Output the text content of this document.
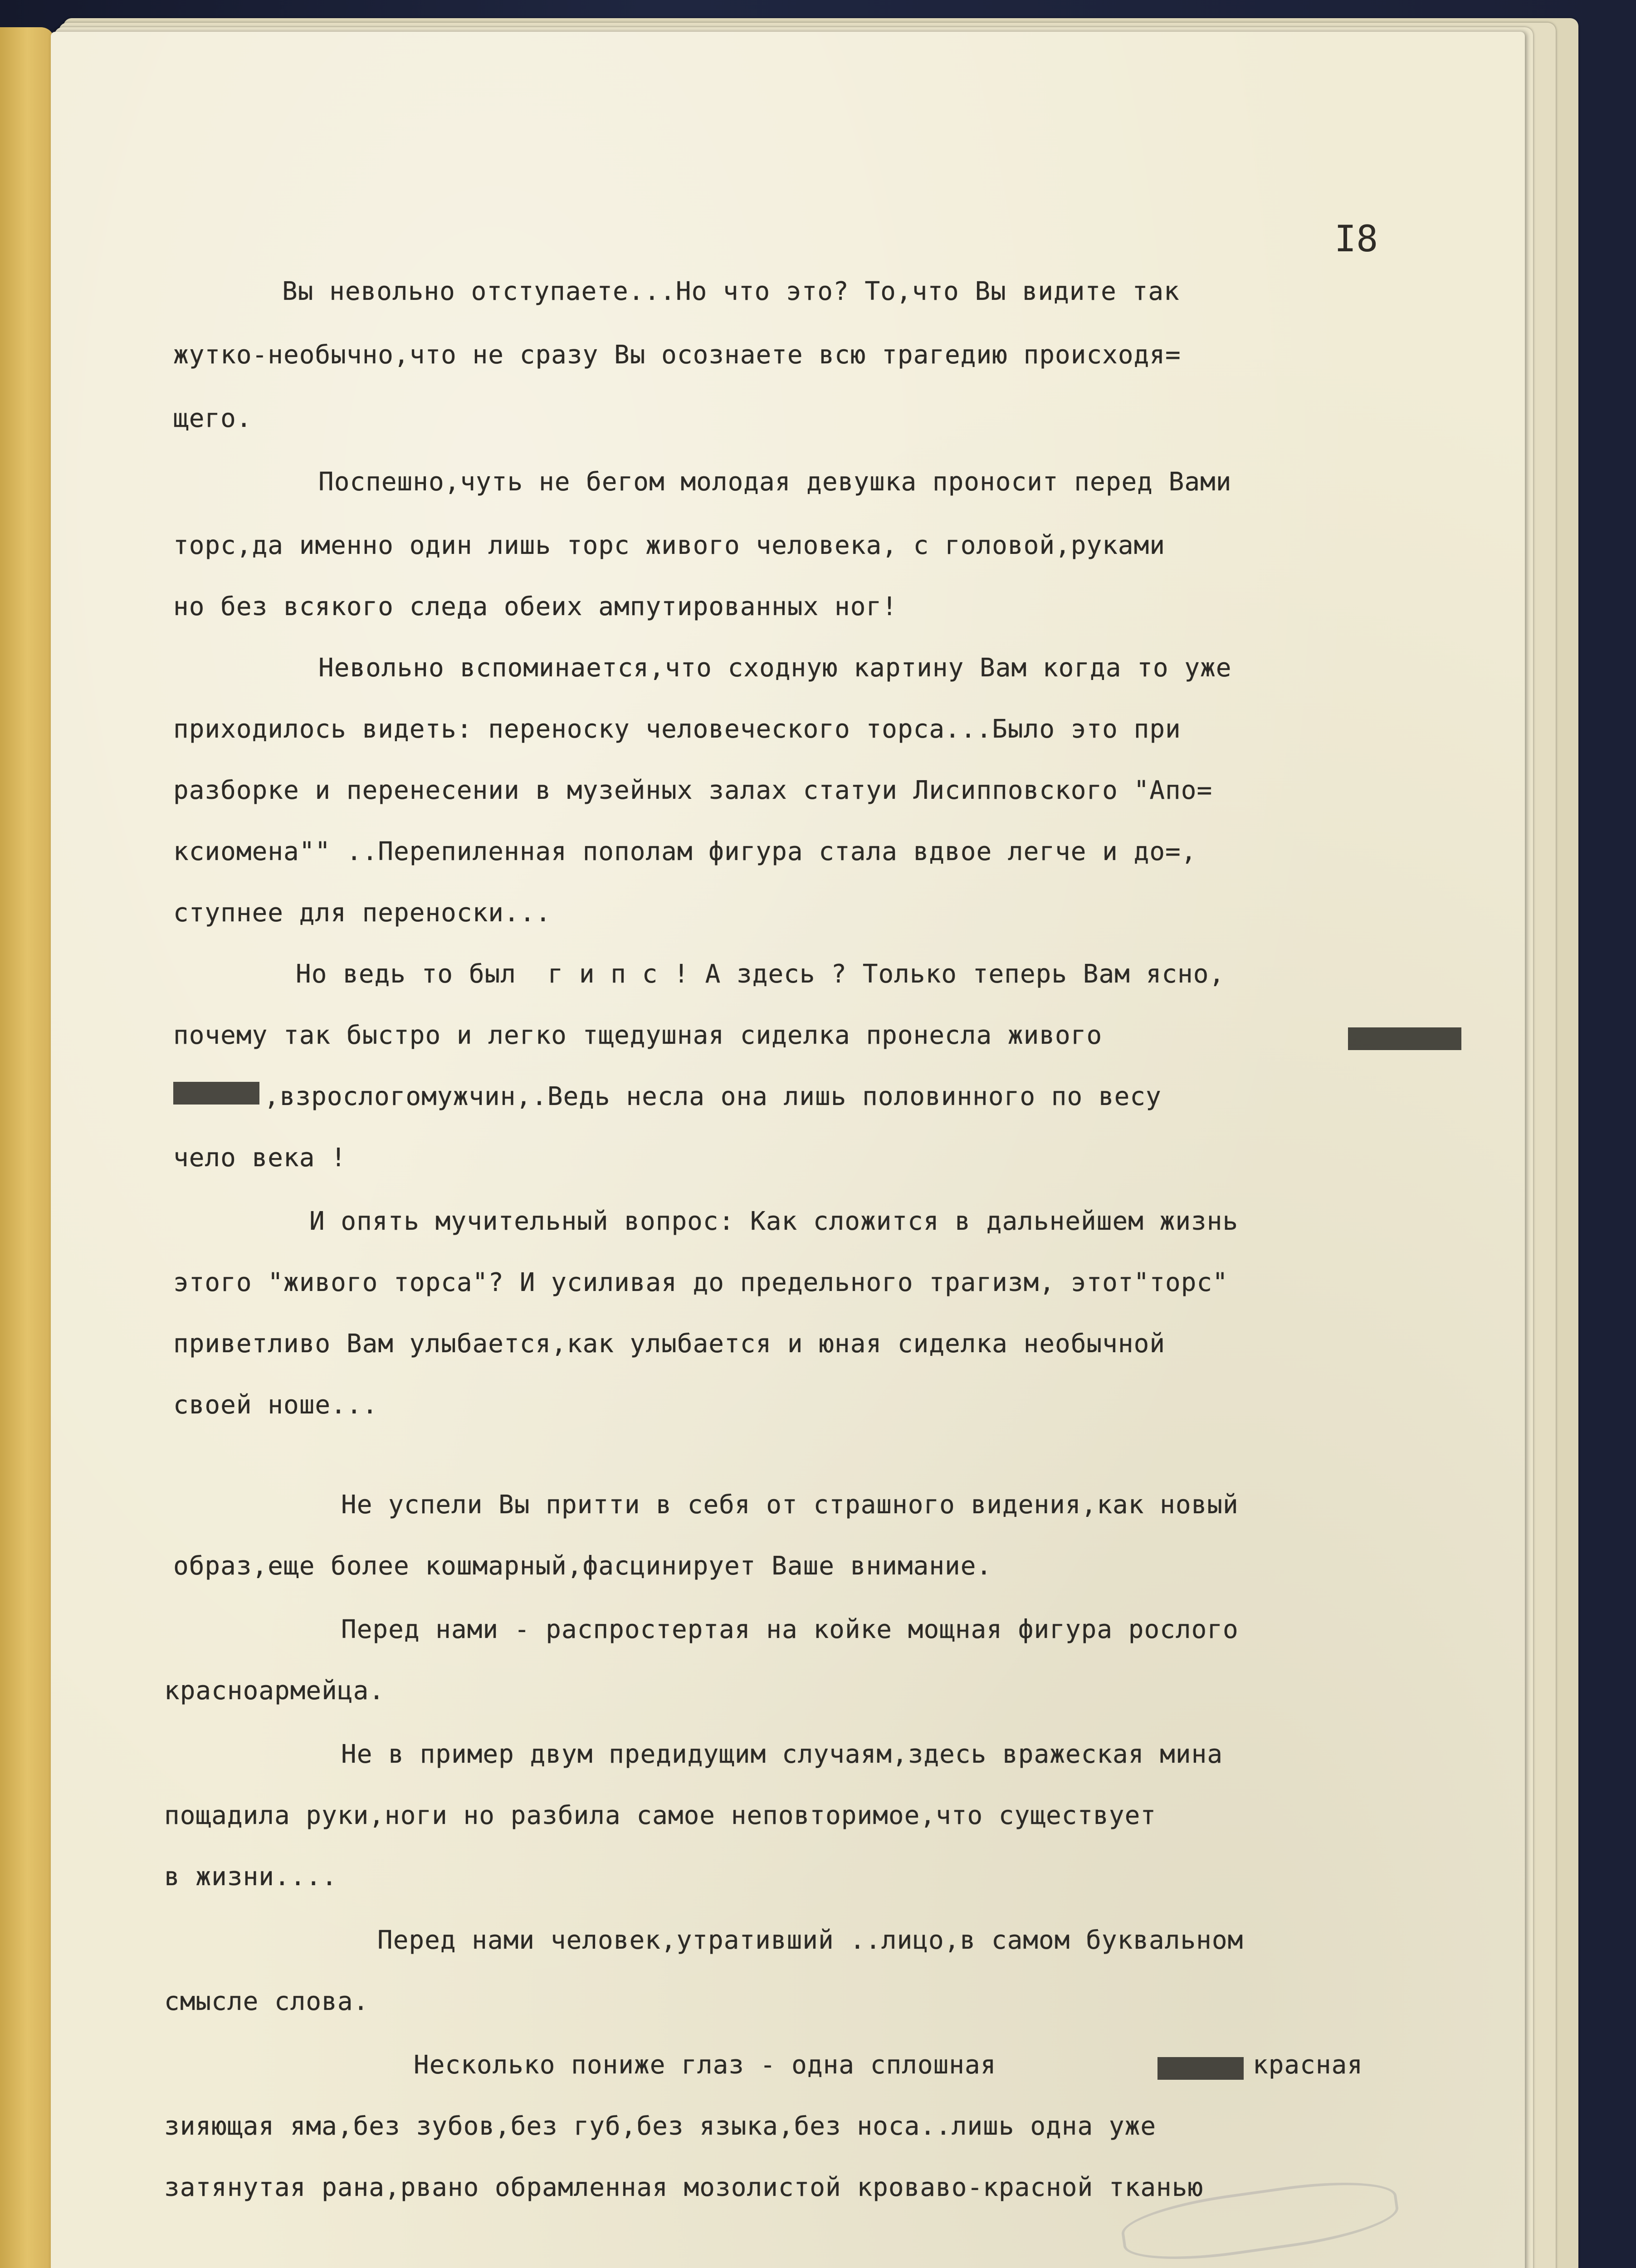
I8
Вы невольно отступаете...Но что это? То,что Вы видите так
жутко-необычно,что не сразу Вы осознаете всю трагедию происходя=
щего.
Поспешно,чуть не бегом молодая девушка проносит перед Вами
торс,да именно один лишь торс живого человека, с головой,руками
но без всякого следа обеих ампутированных ног!
Невольно вспоминается,что сходную картину Вам когда то уже
приходилось видеть: переноску человеческого торса...Было это при
разборке и перенесении в музейных залах статуи Лисипповского "Апо=
ксиомена"" ..Перепиленная пополам фигура стала вдвое легче и до=,
ступнее для переноски...
Но ведь то был  г и п с ! А здесь ? Только теперь Вам ясно,
почему так быстро и легко тщедушная сиделка пронесла живого
,взрослогомужчин,.Ведь несла она лишь половинного по весу
чело века !
И опять мучительный вопрос: Как сложится в дальнейшем жизнь
этого "живого торса"? И усиливая до предельного трагизм, этот"торс"
приветливо Вам улыбается,как улыбается и юная сиделка необычной
своей ноше...
Не успели Вы притти в себя от страшного видения,как новый
образ,еще более кошмарный,фасцинирует Ваше внимание.
Перед нами - распростертая на койке мощная фигура рослого
красноармейца.
Не в пример двум предидущим случаям,здесь вражеская мина
пощадила руки,ноги но разбила самое неповторимое,что существует
в жизни....
Перед нами человек,утративший ..лицо,в самом буквальном
смысле слова.
Несколько пониже глаз - одна сплошная	красная
зияющая яма,без зубов,без губ,без языка,без носа..лишь одна уже
затянутая рана,рвано обрамленная мозолистой кроваво-красной тканью
